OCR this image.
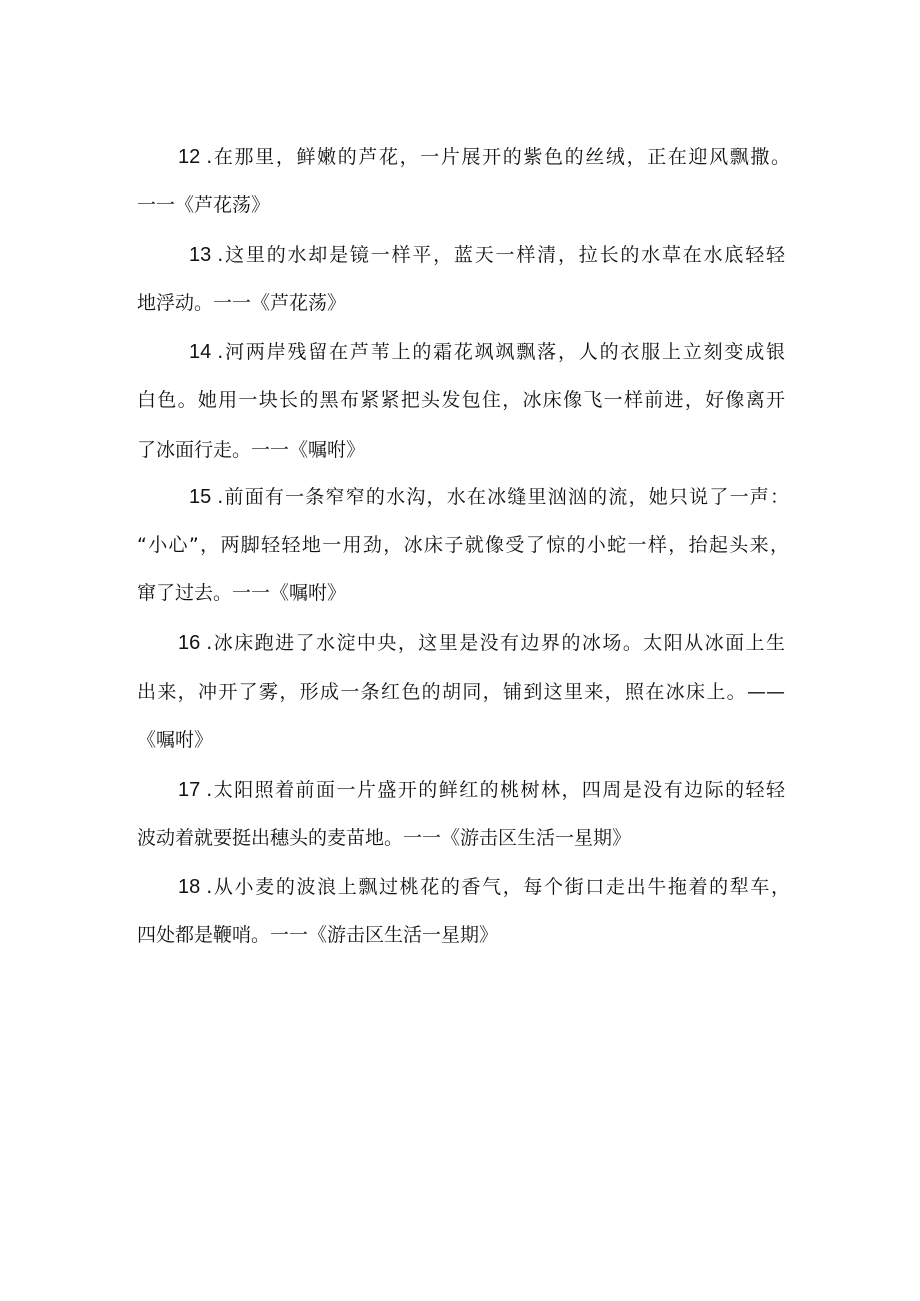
12 .在那里，鲜嫩的芦花，一片展开的紫色的丝绒，正在迎风飘撒。
一一《芦花荡》
13 .这里的水却是镜一样平，蓝天一样清，拉长的水草在水底轻轻
地浮动。一一《芦花荡》
14 .河两岸残留在芦苇上的霜花飒飒飘落，人的衣服上立刻变成银
白色。她用一块长的黑布紧紧把头发包住，冰床像飞一样前进，好像离开
了冰面行走。一一《嘱咐》
15 .前面有一条窄窄的水沟，水在冰缝里汹汹的流，她只说了一声：
“小心”，两脚轻轻地一用劲，冰床子就像受了惊的小蛇一样，抬起头来，
窜了过去。一一《嘱咐》
16 .冰床跑进了水淀中央，这里是没有边界的冰场。太阳从冰面上生
出来，冲开了雾，形成一条红色的胡同，铺到这里来，照在冰床上。——
《嘱咐》
17 .太阳照着前面一片盛开的鲜红的桃树林，四周是没有边际的轻轻
波动着就要挺出穗头的麦苗地。一一《游击区生活一星期》
18 .从小麦的波浪上飘过桃花的香气，每个街口走出牛拖着的犁车，
四处都是鞭哨。一一《游击区生活一星期》
